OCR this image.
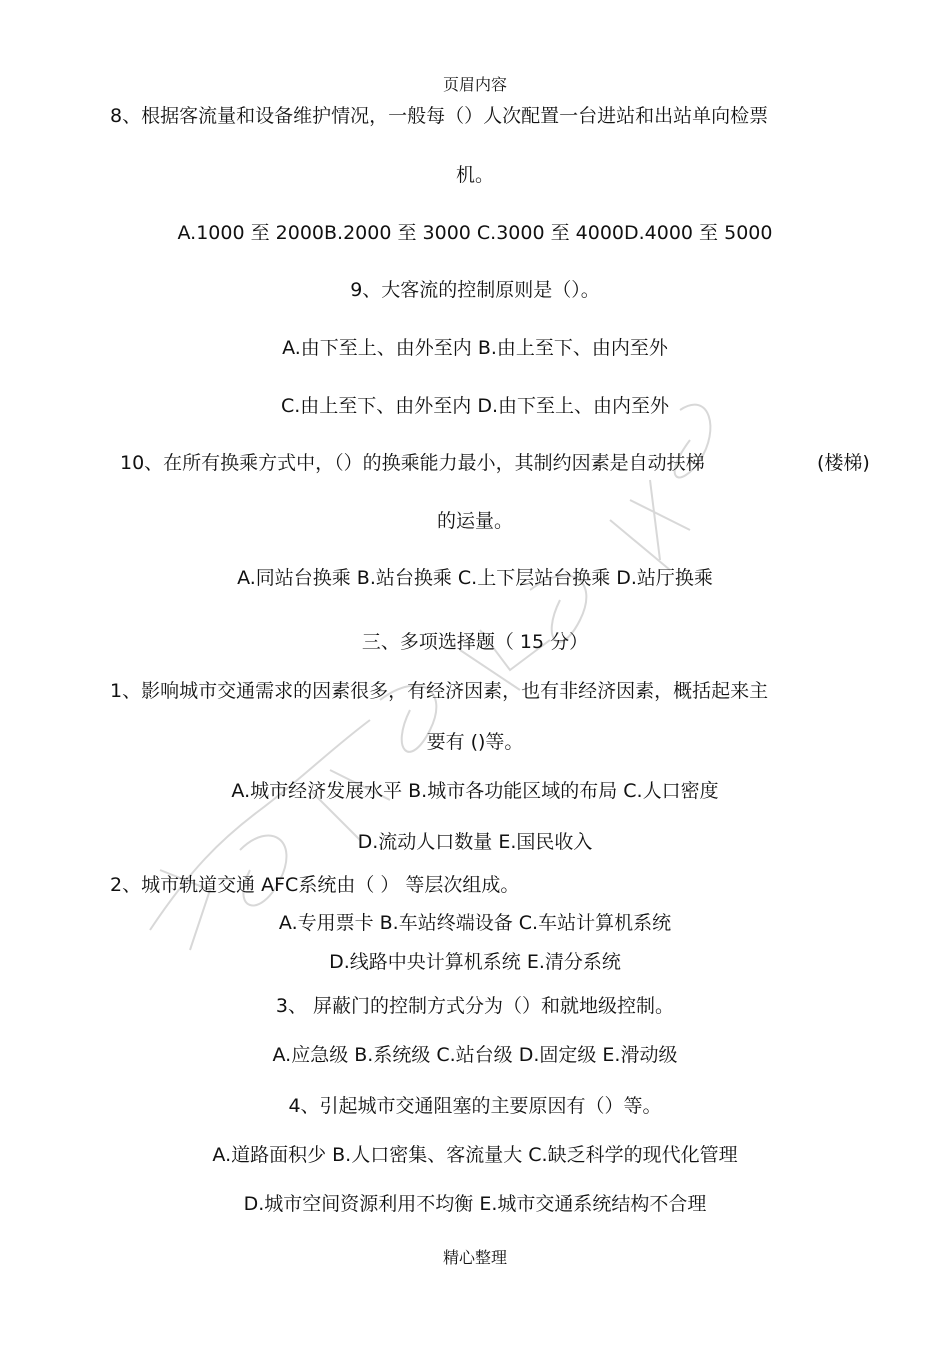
页眉内容
8、根据客流量和设备维护情况，一般每（）人次配置一台进站和出站单向检票
机。
A.1000 至 2000B.2000 至 3000 C.3000 至 4000D.4000 至 5000
9、大客流的控制原则是（）。
A.由下至上、由外至内 B.由上至下、由内至外
C.由上至下、由外至内 D.由下至上、由内至外
10、在所有换乘方式中，（）的换乘能力最小，其制约因素是自动扶梯	(楼梯)
的运量。
A.同站台换乘 B.站台换乘 C.上下层站台换乘 D.站厅换乘
三、多项选择题（ 15 分）
1、影响城市交通需求的因素很多，有经济因素，也有非经济因素，概括起来主
要有 ()等。
A.城市经济发展水平 B.城市各功能区域的布局 C.人口密度
D.流动人口数量 E.国民收入
2、城市轨道交通 AFC系统由（ ） 等层次组成。
A.专用票卡 B.车站终端设备 C.车站计算机系统
D.线路中央计算机系统 E.清分系统
3、 屏蔽门的控制方式分为（）和就地级控制。
A.应急级 B.系统级 C.站台级 D.固定级 E.滑动级
4、引起城市交通阻塞的主要原因有（）等。
A.道路面积少 B.人口密集、客流量大 C.缺乏科学的现代化管理
D.城市空间资源利用不均衡 E.城市交通系统结构不合理
精心整理
